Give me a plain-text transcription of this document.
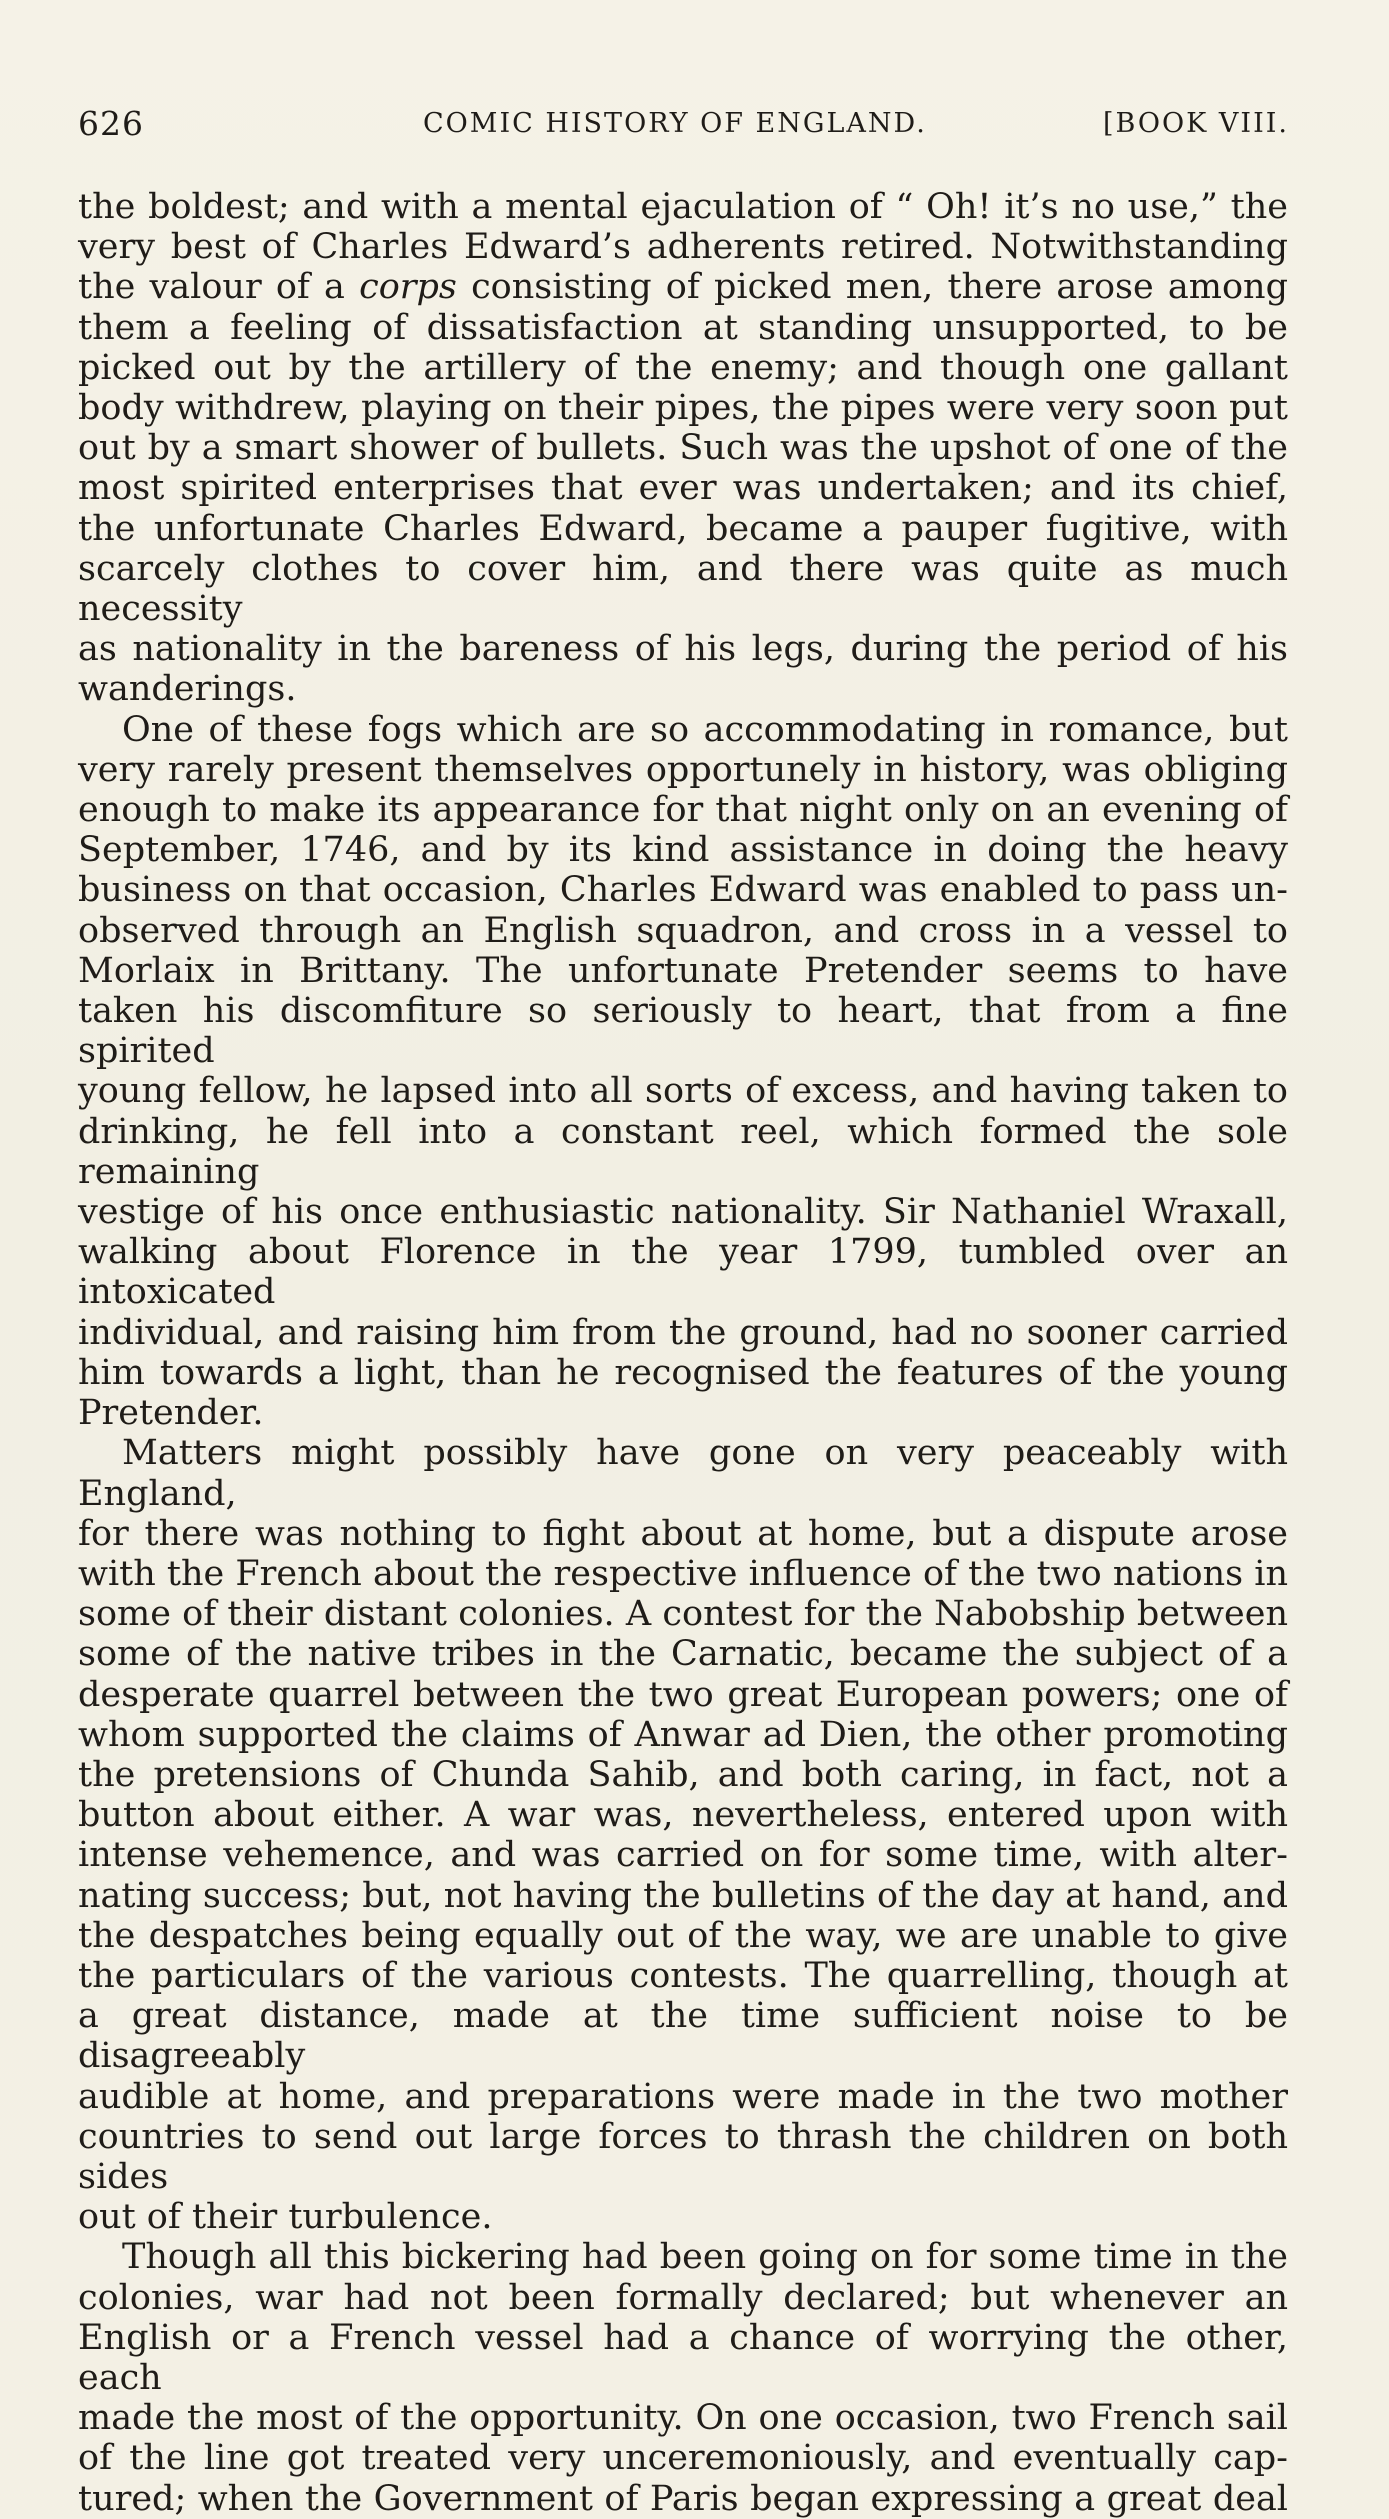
626	COMIC HISTORY OF ENGLAND.	[BOOK VIII.

the boldest; and with a mental ejaculation of “ Oh! it’s no use,” the

very best of Charles Edward’s adherents retired. Notwithstanding

the valour of a corps consisting of picked men, there arose among

them a feeling of dissatisfaction at standing unsupported, to be

picked out by the artillery of the enemy; and though one gallant

body withdrew, playing on their pipes, the pipes were very soon put

out by a smart shower of bullets. Such was the upshot of one of the

most spirited enterprises that ever was undertaken; and its chief,

the unfortunate Charles Edward, became a pauper fugitive, with

scarcely clothes to cover him, and there was quite as much necessity

as nationality in the bareness of his legs, during the period of his

wanderings.

One of these fogs which are so accommodating in romance, but

very rarely present themselves opportunely in history, was obliging

enough to make its appearance for that night only on an evening of

September, 1746, and by its kind assistance in doing the heavy

business on that occasion, Charles Edward was enabled to pass un-

observed through an English squadron, and cross in a vessel to

Morlaix in Brittany. The unfortunate Pretender seems to have

taken his discomfiture so seriously to heart, that from a fine spirited

young fellow, he lapsed into all sorts of excess, and having taken to

drinking, he fell into a constant reel, which formed the sole remaining

vestige of his once enthusiastic nationality. Sir Nathaniel Wraxall,

walking about Florence in the year 1799, tumbled over an intoxicated

individual, and raising him from the ground, had no sooner carried

him towards a light, than he recognised the features of the young

Pretender.

Matters might possibly have gone on very peaceably with England,

for there was nothing to fight about at home, but a dispute arose

with the French about the respective influence of the two nations in

some of their distant colonies. A contest for the Nabobship between

some of the native tribes in the Carnatic, became the subject of a

desperate quarrel between the two great European powers; one of

whom supported the claims of Anwar ad Dien, the other promoting

the pretensions of Chunda Sahib, and both caring, in fact, not a

button about either. A war was, nevertheless, entered upon with

intense vehemence, and was carried on for some time, with alter-

nating success; but, not having the bulletins of the day at hand, and

the despatches being equally out of the way, we are unable to give

the particulars of the various contests. The quarrelling, though at

a great distance, made at the time sufficient noise to be disagreeably

audible at home, and preparations were made in the two mother

countries to send out large forces to thrash the children on both sides

out of their turbulence.

Though all this bickering had been going on for some time in the

colonies, war had not been formally declared; but whenever an

English or a French vessel had a chance of worrying the other, each

made the most of the opportunity. On one occasion, two French sail

of the line got treated very unceremoniously, and eventually cap-

tured; when the Government of Paris began expressing a great deal
